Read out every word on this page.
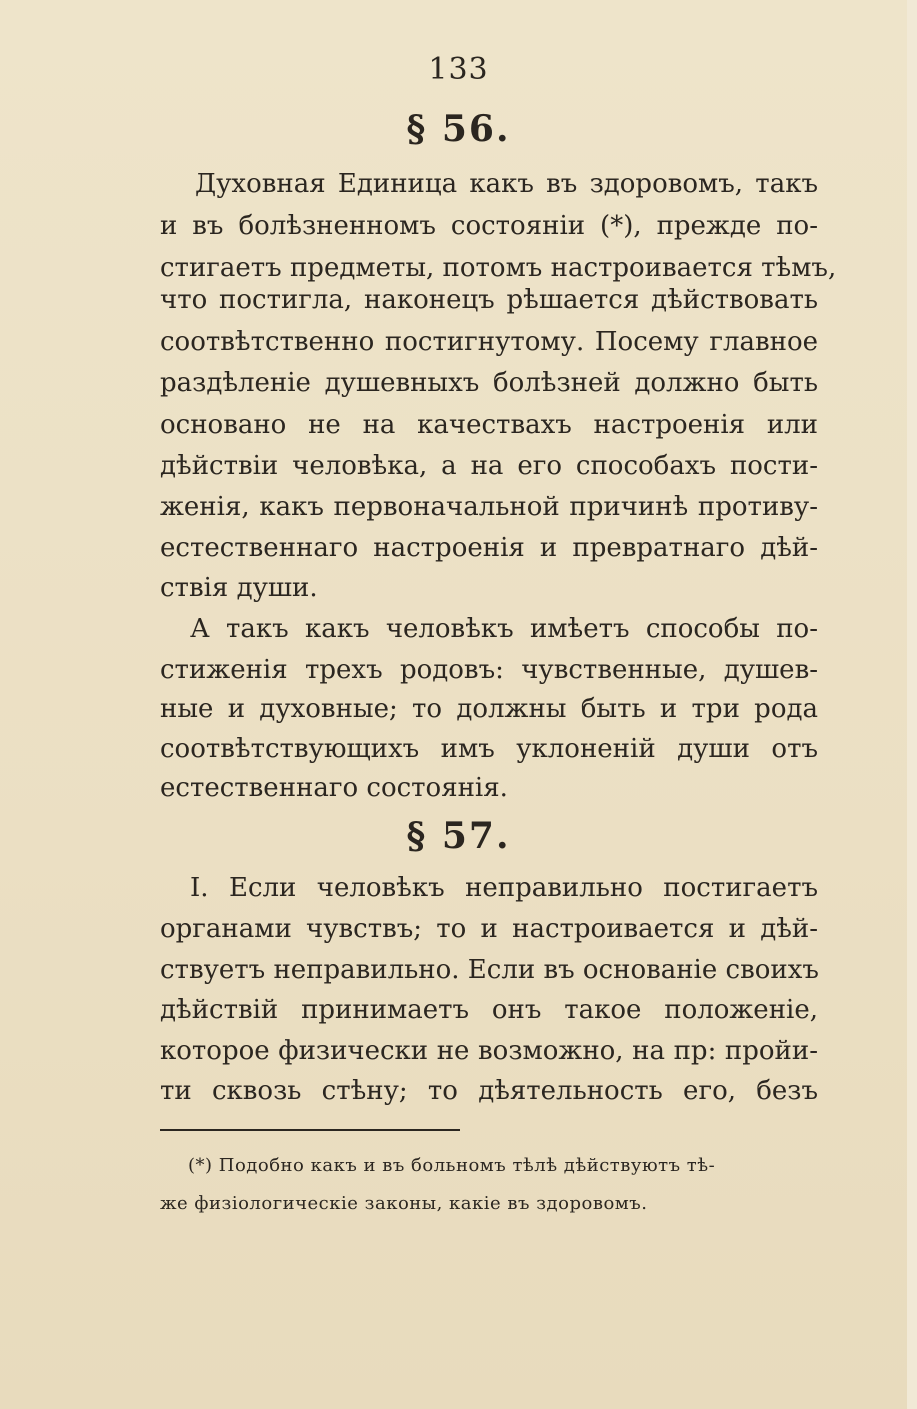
133
§ 56.
Духовная Единица какъ въ здоровомъ, такъ
и въ болѣзненномъ состояніи (*), прежде по-
стигаетъ предметы, потомъ настроивается тѣмъ,
что постигла, наконецъ рѣшается дѣйствовать
соотвѣтственно постигнутому. Посему главное
раздѣленіе душевныхъ болѣзней должно быть
основано не на качествахъ настроенія или
дѣйствіи человѣка, а на его способахъ пости-
женія, какъ первоначальной причинѣ противу-
естественнаго настроенія и превратнаго дѣй-
ствія души.
А такъ какъ человѣкъ имѣетъ способы по-
стиженія трехъ родовъ: чувственные, душев-
ные и духовные; то должны быть и три рода
соотвѣтствующихъ имъ уклоненій души отъ
естественнаго состоянія.
§ 57.
I. Если человѣкъ неправильно постигаетъ
органами чувствъ; то и настроивается и дѣй-
ствуетъ неправильно. Если въ основаніе своихъ
дѣйствій принимаетъ онъ такое положеніе,
которое физически не возможно, на пр: пройи-
ти сквозь стѣну; то дѣятельность его, безъ
(*) Подобно какъ и въ больномъ тѣлѣ дѣйствуютъ тѣ-
же физіологическіе законы, какіе въ здоровомъ.
